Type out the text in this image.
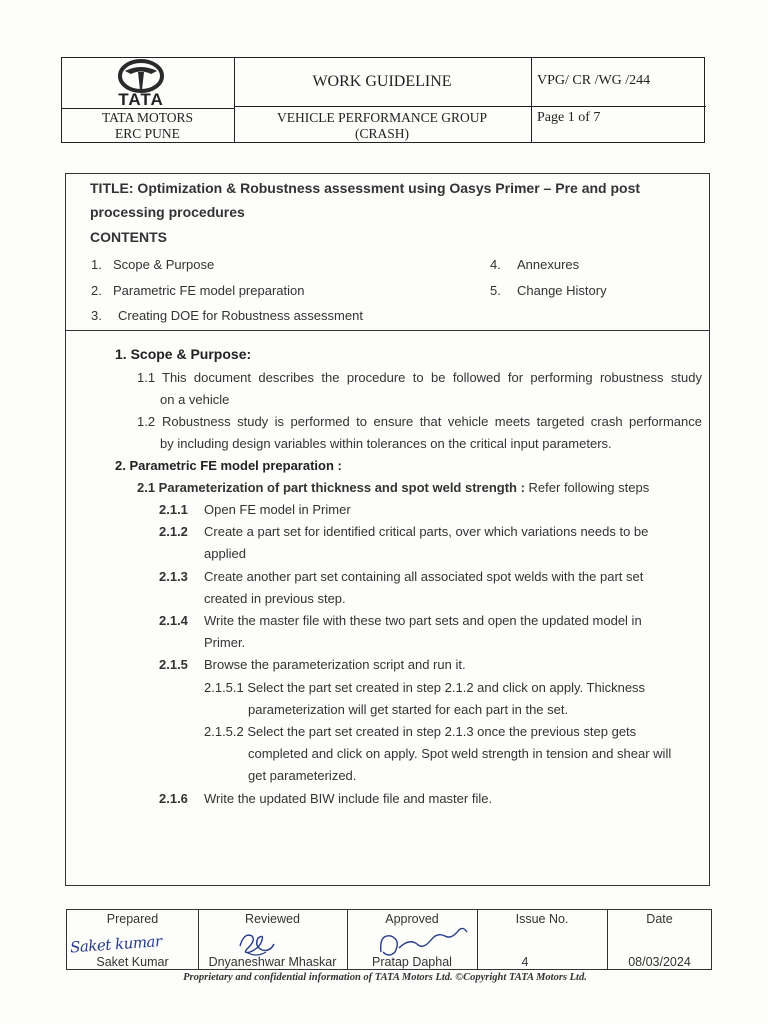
TATA
TATA MOTORS
ERC PUNE
WORK GUIDELINE	VPG/ CR /WG /244
VEHICLE PERFORMANCE GROUP
(CRASH)
Page 1 of 7
TITLE: Optimization & Robustness assessment using Oasys Primer – Pre and post
processing procedures
CONTENTS
1. Scope & Purpose
2. Parametric FE model preparation
3. Creating DOE for Robustness assessment
4. Annexures
5. Change History
1. Scope & Purpose:
1.1 This document describes the procedure to be followed for performing robustness study
on a vehicle
1.2 Robustness study is performed to ensure that vehicle meets targeted crash performance
by including design variables within tolerances on the critical input parameters.
2. Parametric FE model preparation :
2.1 Parameterization of part thickness and spot weld strength : Refer following steps
2.1.1 Open FE model in Primer
2.1.2 Create a part set for identified critical parts, over which variations needs to be
applied
2.1.3 Create another part set containing all associated spot welds with the part set
created in previous step.
2.1.4 Write the master file with these two part sets and open the updated model in
Primer.
2.1.5 Browse the parameterization script and run it.
2.1.5.1 Select the part set created in step 2.1.2 and click on apply. Thickness
parameterization will get started for each part in the set.
2.1.5.2 Select the part set created in step 2.1.3 once the previous step gets
completed and click on apply. Spot weld strength in tension and shear will
get parameterized.
2.1.6 Write the updated BIW include file and master file.
Prepared	Reviewed	Approved	Issue No.	Date
Saket kumar
Saket Kumar	Dnyaneshwar Mhaskar	Pratap Daphal	4	08/03/2024
Proprietary and confidential information of TATA Motors Ltd. ©Copyright TATA Motors Ltd.
